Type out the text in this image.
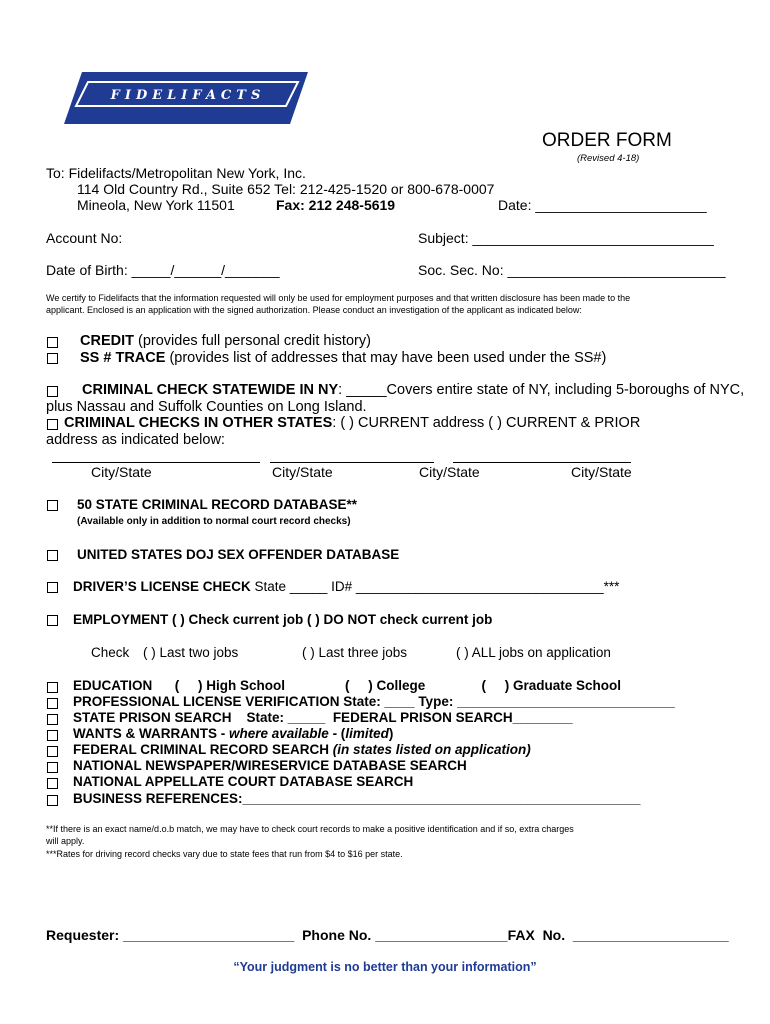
FIDELIFACTS
ORDER FORM
(Revised 4-18)
To: Fidelifacts/Metropolitan New York, Inc.
114 Old Country Rd., Suite 652 Tel: 212-425-1520 or 800-678-0007
Mineola, New York 11501	Fax: 212 248-5619	Date: ______________________
Account No:	Subject: _______________________________
Date of Birth: _____/______/_______	Soc. Sec. No: ____________________________
We certify to Fidelifacts that the information requested will only be used for employment purposes and that written disclosure has been made to the
applicant. Enclosed is an application with the signed authorization. Please conduct an investigation of the applicant as indicated below:
CREDIT (provides full personal credit history)
SS # TRACE (provides list of addresses that may have been used under the SS#)
CRIMINAL CHECK STATEWIDE IN NY: _____Covers entire state of NY, including 5-boroughs of NYC,
plus Nassau and Suffolk Counties on Long Island.
CRIMINAL CHECKS IN OTHER STATES: ( ) CURRENT address ( ) CURRENT & PRIOR
address as indicated below:
City/State	City/State	City/State	City/State
50 STATE CRIMINAL RECORD DATABASE**
(Available only in addition to normal court record checks)
UNITED STATES DOJ SEX OFFENDER DATABASE
DRIVER’S LICENSE CHECK State _____ ID# _________________________________***
EMPLOYMENT ( ) Check current job ( ) DO NOT check current job
Check ( ) Last two jobs	( ) Last three jobs	( ) ALL jobs on application
EDUCATION      (     ) High School                (     ) College               (     ) Graduate School
PROFESSIONAL LICENSE VERIFICATION State: ____ Type: _____________________________
STATE PRISON SEARCH    State: _____  FEDERAL PRISON SEARCH________
WANTS & WARRANTS - where available - (limited)
FEDERAL CRIMINAL RECORD SEARCH (in states listed on application)
NATIONAL NEWSPAPER/WIRESERVICE DATABASE SEARCH
NATIONAL APPELLATE COURT DATABASE SEARCH
BUSINESS REFERENCES:_____________________________________________________
**If there is an exact name/d.o.b match, we may have to check court records to make a positive identification and if so, extra charges
will apply.
***Rates for driving record checks vary due to state fees that run from $4 to $16 per state.
Requester: ______________________  Phone No. _________________FAX  No.  ____________________
“Your judgment is no better than your information”
